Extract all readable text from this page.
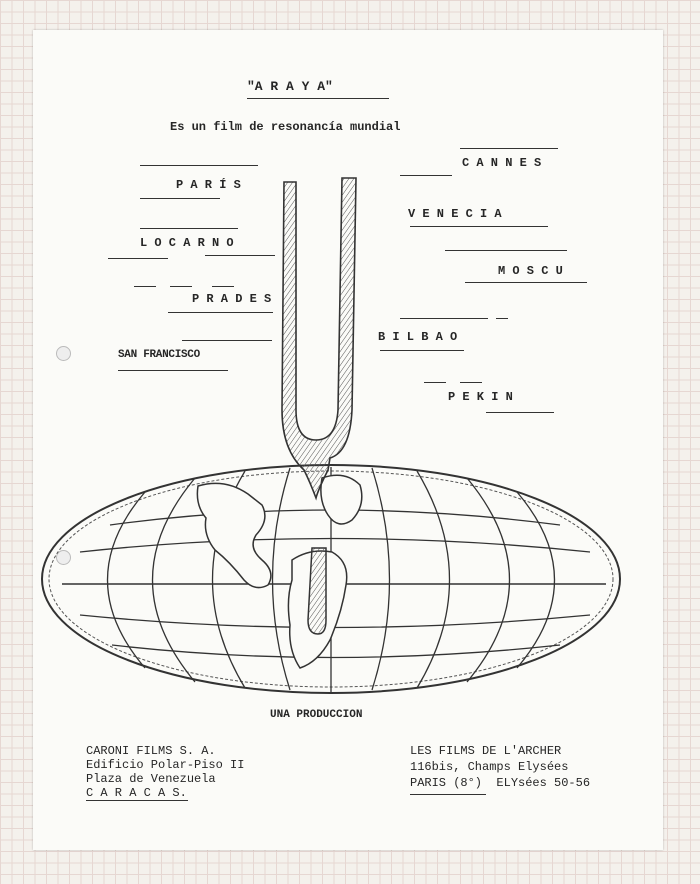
"A R A Y A"
Es un film de resonancía mundial
P A R Í S
L O C A R N O
P R A D E S
SAN FRANCISCO
C A N N E S
V E N E C I A
M O S C U
B I L B A O
P E K I N
UNA PRODUCCION
CARONI FILMS S. A.
Edificio Polar-Piso II
Plaza de Venezuela
C A R A C A S.
LES FILMS DE L'ARCHER
116bis, Champs Elysées
PARIS (8°)  ELYsées 50-56
